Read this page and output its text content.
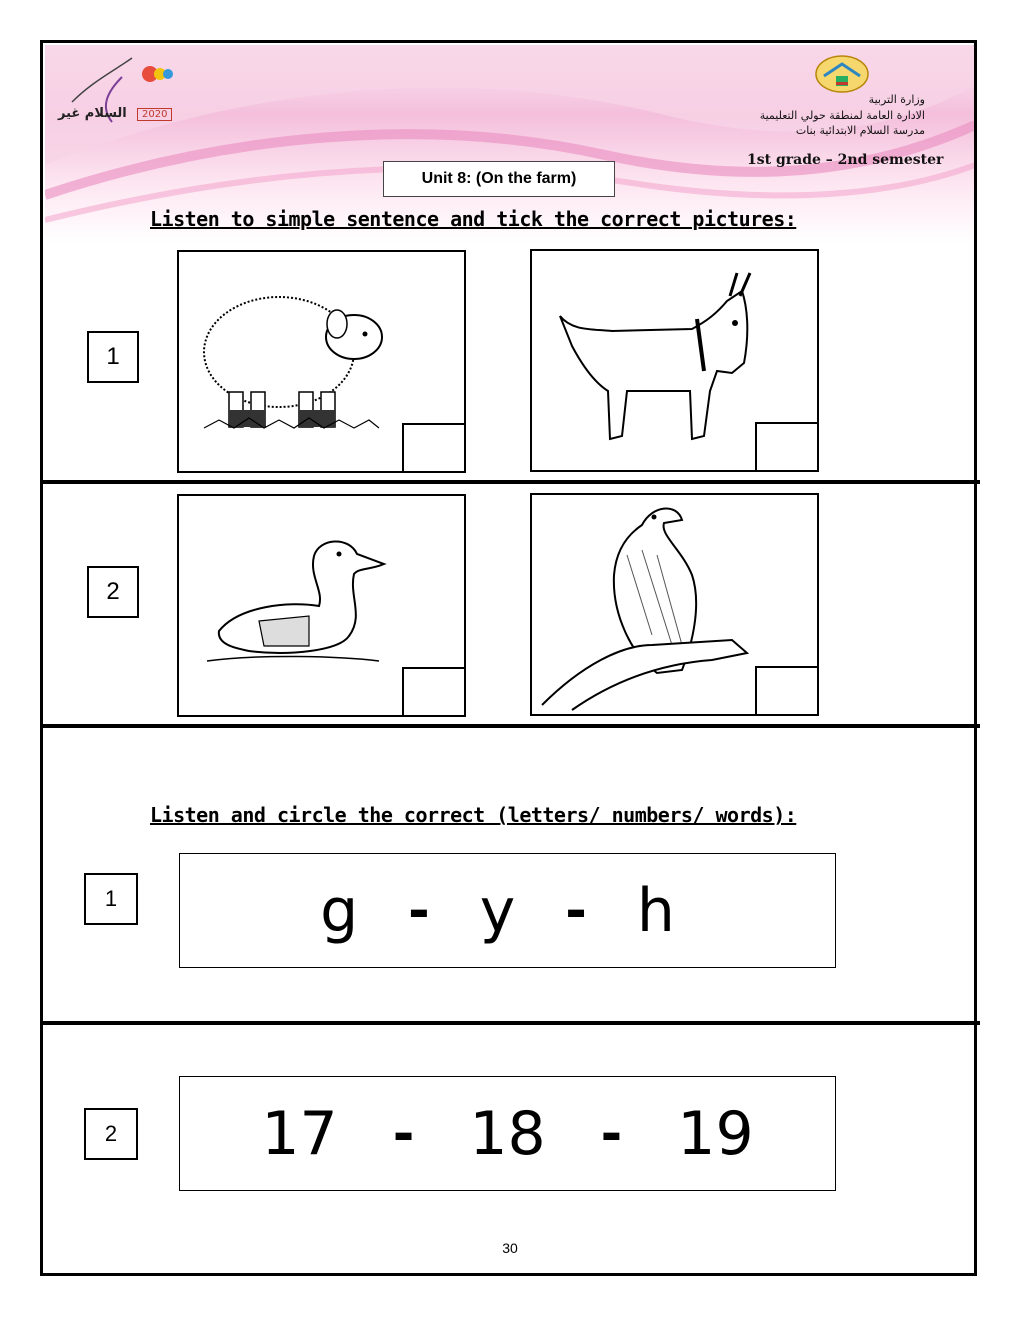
السلام غير	2020
وزارة التربية
الادارة العامة لمنطقة حولي التعليمية
مدرسة السلام الابتدائية بنات
1st grade – 2nd semester
Unit 8: (On the farm)
Listen to simple sentence and tick the correct pictures:
1
2
Listen and circle the correct (letters/ numbers/ words):
1	g - y - h
2	17 - 18 - 19
30
